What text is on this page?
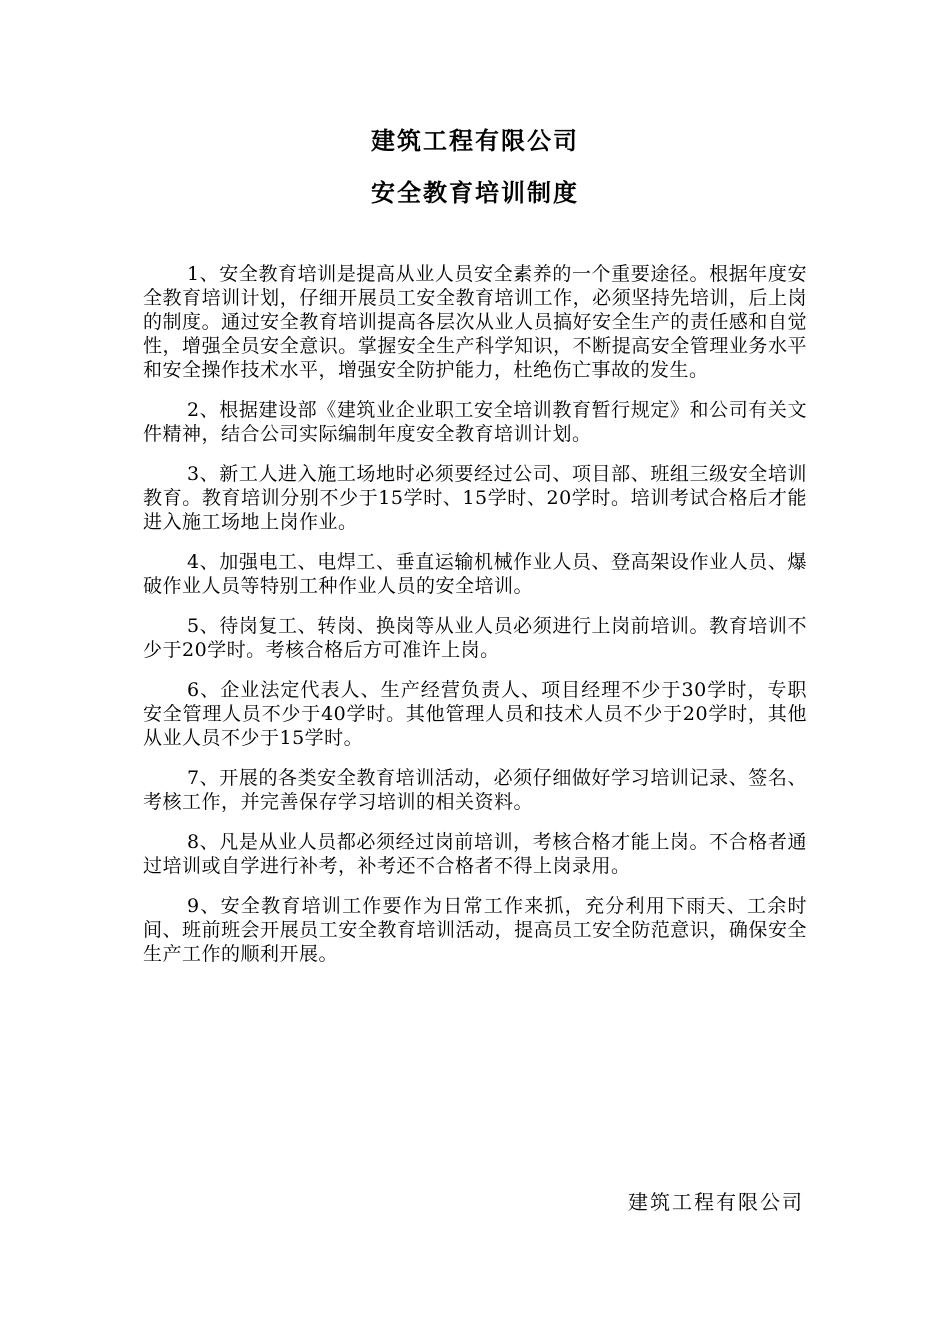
建筑工程有限公司
安全教育培训制度

1、安全教育培训是提高从业人员安全素养的一个重要途径。根据年度安全教育培训计划，仔细开展员工安全教育培训工作，必须坚持先培训，后上岗的制度。通过安全教育培训提高各层次从业人员搞好安全生产的责任感和自觉性，增强全员安全意识。掌握安全生产科学知识，不断提高安全管理业务水平和安全操作技术水平，增强安全防护能力，杜绝伤亡事故的发生。

2、根据建设部《建筑业企业职工安全培训教育暂行规定》和公司有关文件精神，结合公司实际编制年度安全教育培训计划。

3、新工人进入施工场地时必须要经过公司、项目部、班组三级安全培训教育。教育培训分别不少于15学时、15学时、20学时。培训考试合格后才能进入施工场地上岗作业。

4、加强电工、电焊工、垂直运输机械作业人员、登高架设作业人员、爆破作业人员等特别工种作业人员的安全培训。

5、待岗复工、转岗、换岗等从业人员必须进行上岗前培训。教育培训不少于20学时。考核合格后方可准许上岗。

6、企业法定代表人、生产经营负责人、项目经理不少于30学时，专职安全管理人员不少于40学时。其他管理人员和技术人员不少于20学时，其他从业人员不少于15学时。

7、开展的各类安全教育培训活动，必须仔细做好学习培训记录、签名、考核工作，并完善保存学习培训的相关资料。

8、凡是从业人员都必须经过岗前培训，考核合格才能上岗。不合格者通过培训或自学进行补考，补考还不合格者不得上岗录用。

9、安全教育培训工作要作为日常工作来抓，充分利用下雨天、工余时间、班前班会开展员工安全教育培训活动，提高员工安全防范意识，确保安全生产工作的顺利开展。

建筑工程有限公司
